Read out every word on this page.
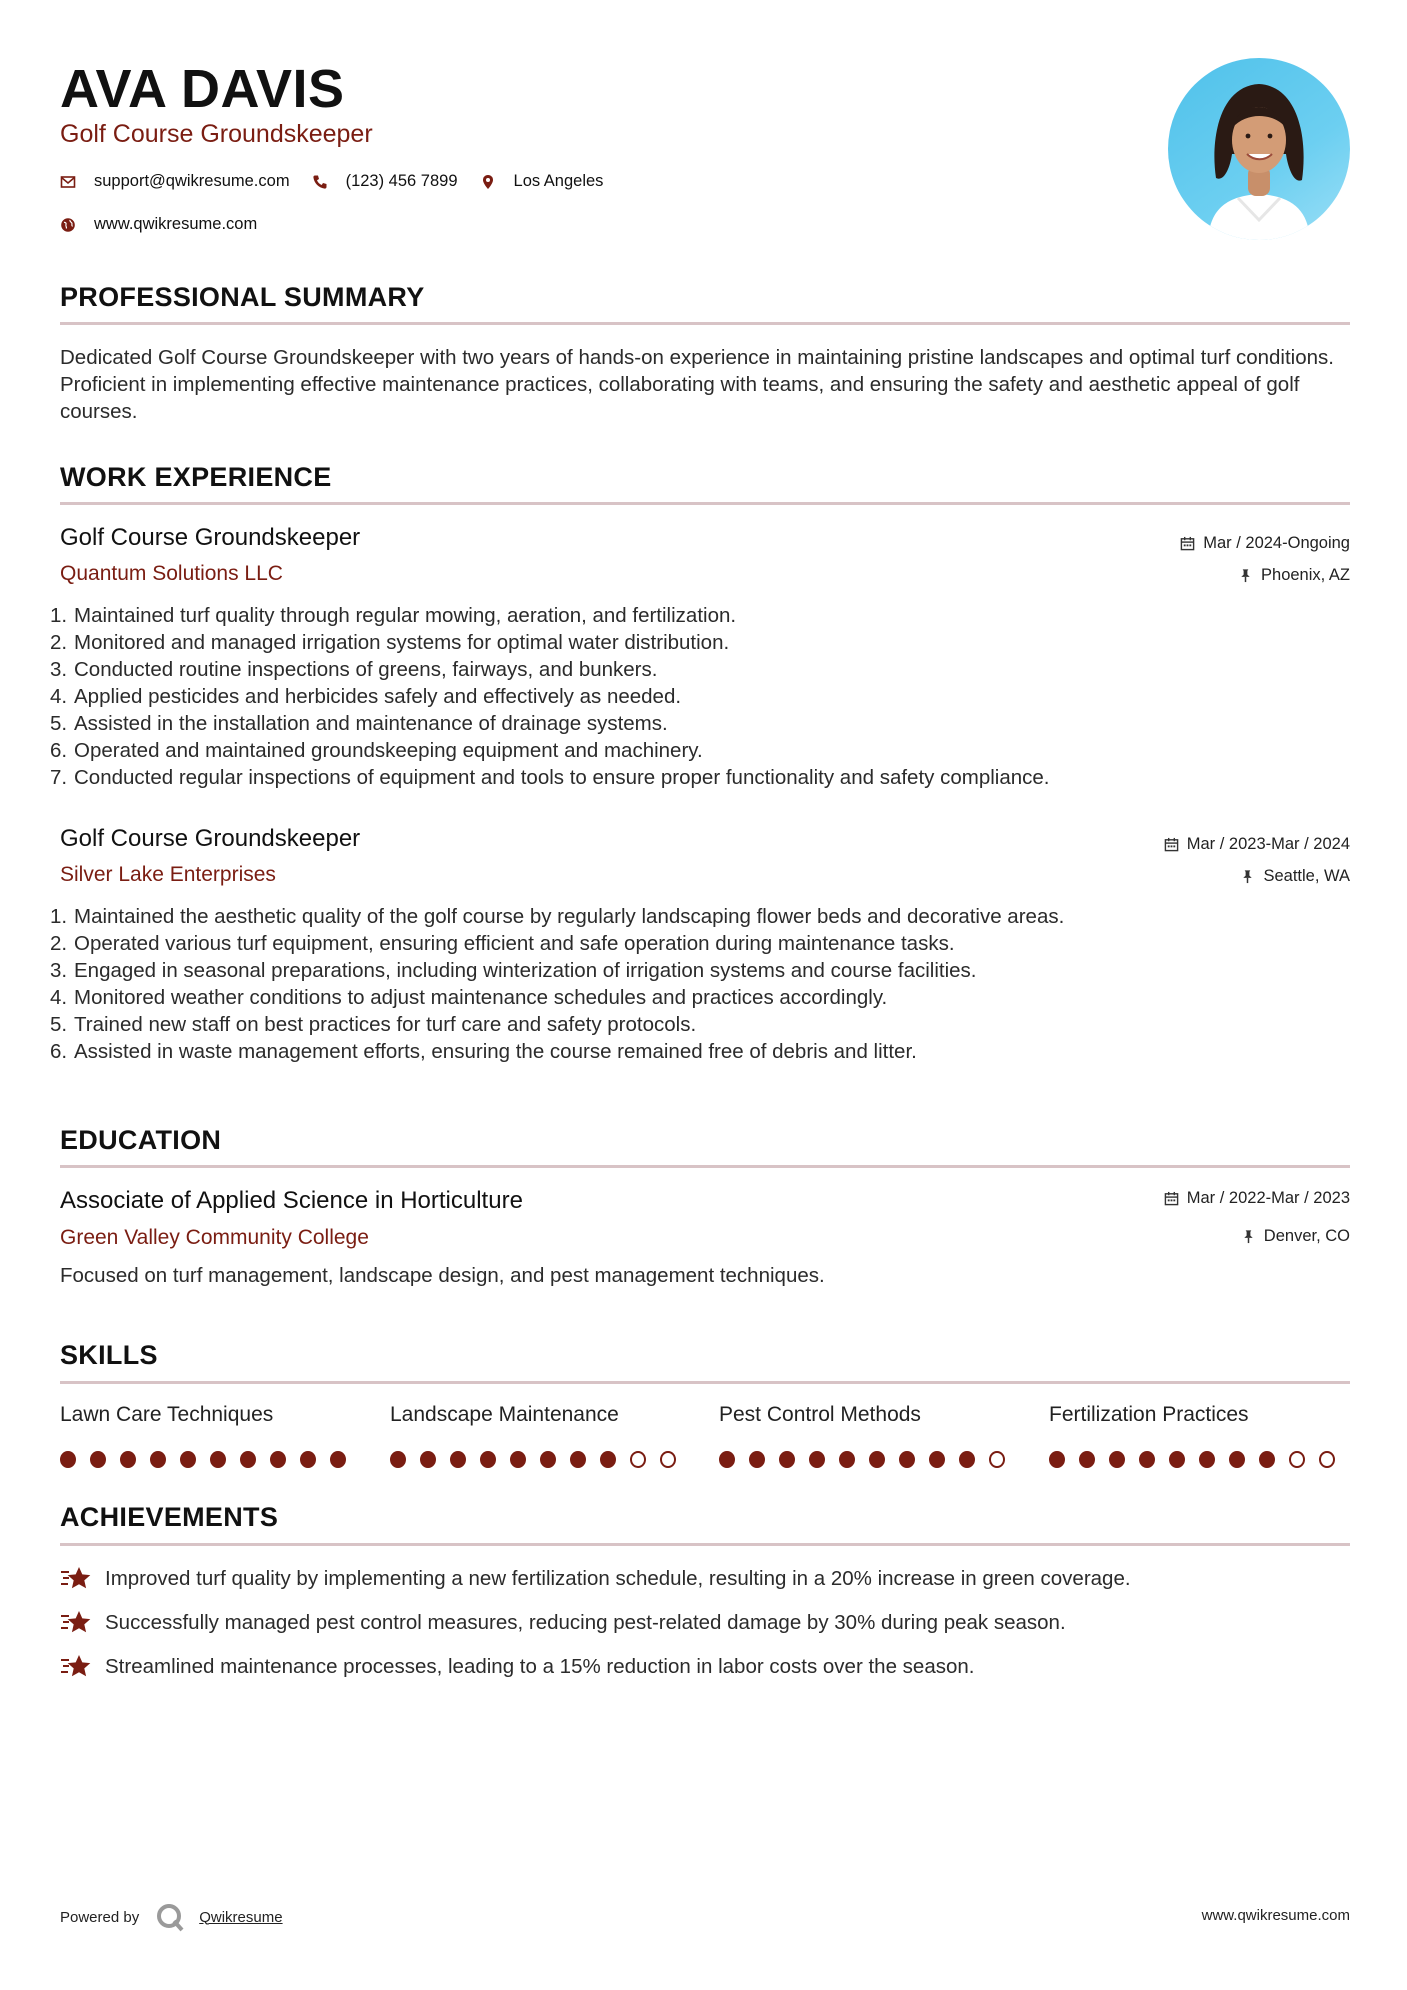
AVA DAVIS
Golf Course Groundskeeper
support@qwikresume.com	(123) 456 7899	Los Angeles
www.qwikresume.com
PROFESSIONAL SUMMARY

Dedicated Golf Course Groundskeeper with two years of hands-on experience in maintaining pristine landscapes and optimal turf conditions. Proficient in implementing effective maintenance practices, collaborating with teams, and ensuring the safety and aesthetic appeal of golf courses.

WORK EXPERIENCE
Golf Course Groundskeeper
Quantum Solutions LLC
Mar / 2024-Ongoing
Phoenix, AZ
1. Maintained turf quality through regular mowing, aeration, and fertilization.
2. Monitored and managed irrigation systems for optimal water distribution.
3. Conducted routine inspections of greens, fairways, and bunkers.
4. Applied pesticides and herbicides safely and effectively as needed.
5. Assisted in the installation and maintenance of drainage systems.
6. Operated and maintained groundskeeping equipment and machinery.
7. Conducted regular inspections of equipment and tools to ensure proper functionality and safety compliance.
Golf Course Groundskeeper
Silver Lake Enterprises
Mar / 2023-Mar / 2024
Seattle, WA
1. Maintained the aesthetic quality of the golf course by regularly landscaping flower beds and decorative areas.
2. Operated various turf equipment, ensuring efficient and safe operation during maintenance tasks.
3. Engaged in seasonal preparations, including winterization of irrigation systems and course facilities.
4. Monitored weather conditions to adjust maintenance schedules and practices accordingly.
5. Trained new staff on best practices for turf care and safety protocols.
6. Assisted in waste management efforts, ensuring the course remained free of debris and litter.
EDUCATION
Associate of Applied Science in Horticulture
Green Valley Community College
Mar / 2022-Mar / 2023
Denver, CO

Focused on turf management, landscape design, and pest management techniques.

SKILLS
Lawn Care Techniques	Landscape Maintenance	Pest Control Methods	Fertilization Practices
ACHIEVEMENTS
Improved turf quality by implementing a new fertilization schedule, resulting in a 20% increase in green coverage.
Successfully managed pest control measures, reducing pest-related damage by 30% during peak season.
Streamlined maintenance processes, leading to a 15% reduction in labor costs over the season.
Powered by	Qwikresume	www.qwikresume.com
